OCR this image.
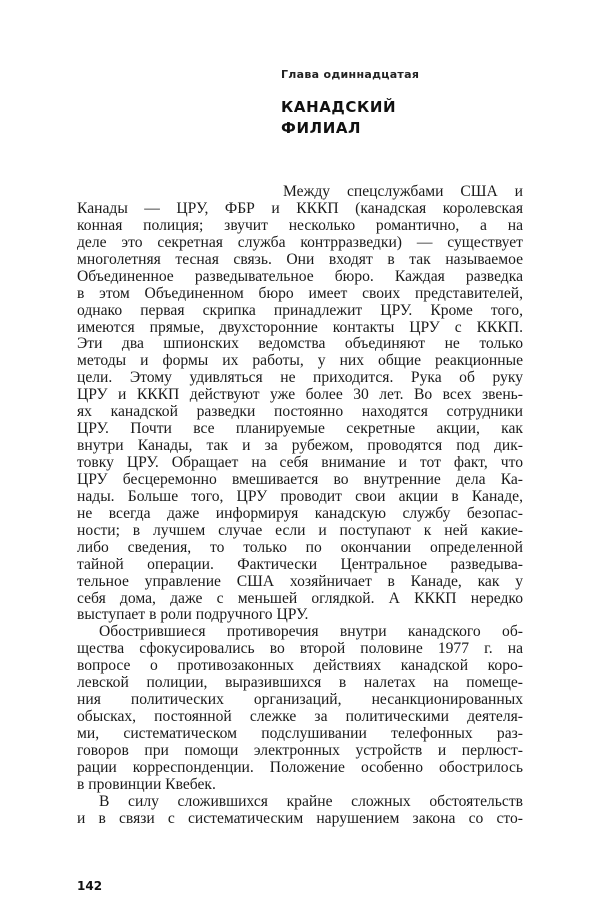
Глава одиннадцатая
КАНАДСКИЙ
ФИЛИАЛ
Между спецслужбами США и
Канады — ЦРУ, ФБР и КККП (канадская королевская
конная полиция; звучит несколько романтично, а на
деле это секретная служба контрразведки) — существует
многолетняя тесная связь. Они входят в так называемое
Объединенное разведывательное бюро. Каждая разведка
в этом Объединенном бюро имеет своих представителей,
однако первая скрипка принадлежит ЦРУ. Кроме того,
имеются прямые, двухсторонние контакты ЦРУ с КККП.
Эти два шпионских ведомства объединяют не только
методы и формы их работы, у них общие реакционные
цели. Этому удивляться не приходится. Рука об руку
ЦРУ и КККП действуют уже более 30 лет. Во всех звень-
ях канадской разведки постоянно находятся сотрудники
ЦРУ. Почти все планируемые секретные акции, как
внутри Канады, так и за рубежом, проводятся под дик-
товку ЦРУ. Обращает на себя внимание и тот факт, что
ЦРУ бесцеремонно вмешивается во внутренние дела Ка-
нады. Больше того, ЦРУ проводит свои акции в Канаде,
не всегда даже информируя канадскую службу безопас-
ности; в лучшем случае если и поступают к ней какие-
либо сведения, то только по окончании определенной
тайной операции. Фактически Центральное разведыва-
тельное управление США хозяйничает в Канаде, как у
себя дома, даже с меньшей оглядкой. А КККП нередко
выступает в роли подручного ЦРУ.
Обострившиеся противоречия внутри канадского об-
щества сфокусировались во второй половине 1977 г. на
вопросе о противозаконных действиях канадской коро-
левской полиции, выразившихся в налетах на помеще-
ния политических организаций, несанкционированных
обысках, постоянной слежке за политическими деятеля-
ми, систематическом подслушивании телефонных раз-
говоров при помощи электронных устройств и перлюст-
рации корреспонденции. Положение особенно обострилось
в провинции Квебек.
В силу сложившихся крайне сложных обстоятельств
и в связи с систематическим нарушением закона со сто-
142
